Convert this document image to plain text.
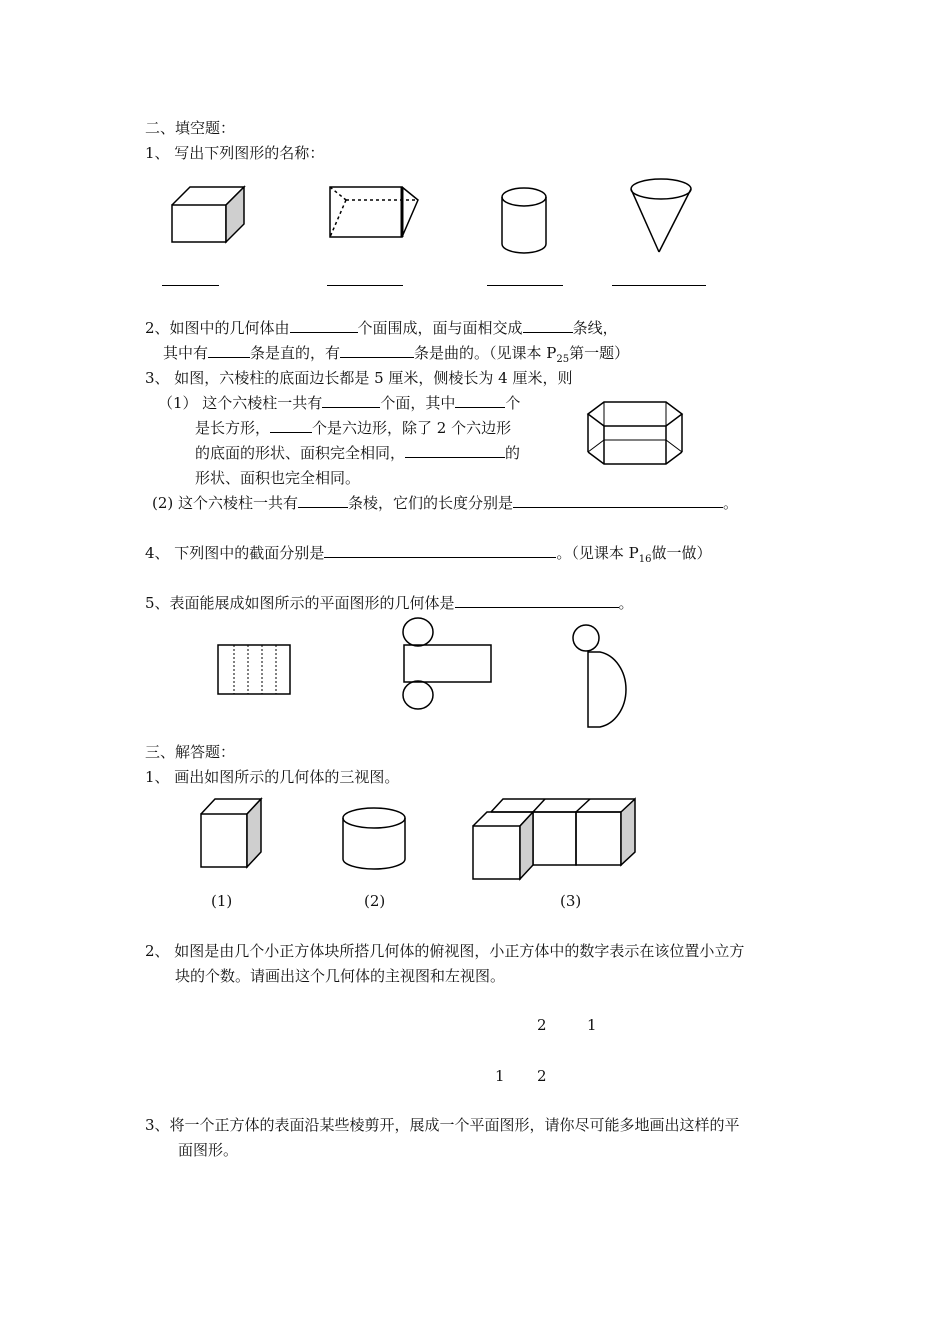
二、填空题：
1、 写出下列图形的名称：
2、如图中的几何体由	个面围成，面与面相交成	条线，
其中有	条是直的，有	条是曲的。（见课本 $P_{25}$第一题）
3、 如图，六棱柱的底面边长都是 5 厘米，侧棱长为 4 厘米，则
（1） 这个六棱柱一共有	个面，其中	个
是长方形，	个是六边形，除了 2 个六边形
的底面的形状、面积完全相同，	的
形状、面积也完全相同。
(2) 这个六棱柱一共有	条棱，它们的长度分别是	。
4、 下列图中的截面分别是	。（见课本 $P_{16}$做一做）
5、表面能展成如图所示的平面图形的几何体是	。
三、解答题：
1、 画出如图所示的几何体的三视图。
(1)	(2)	(3)
2、 如图是由几个小正方体块所搭几何体的俯视图，小正方体中的数字表示在该位置小立方
块的个数。请画出这个几何体的主视图和左视图。
2	1
1 2
3、将一个正方体的表面沿某些棱剪开，展成一个平面图形，请你尽可能多地画出这样的平
面图形。
